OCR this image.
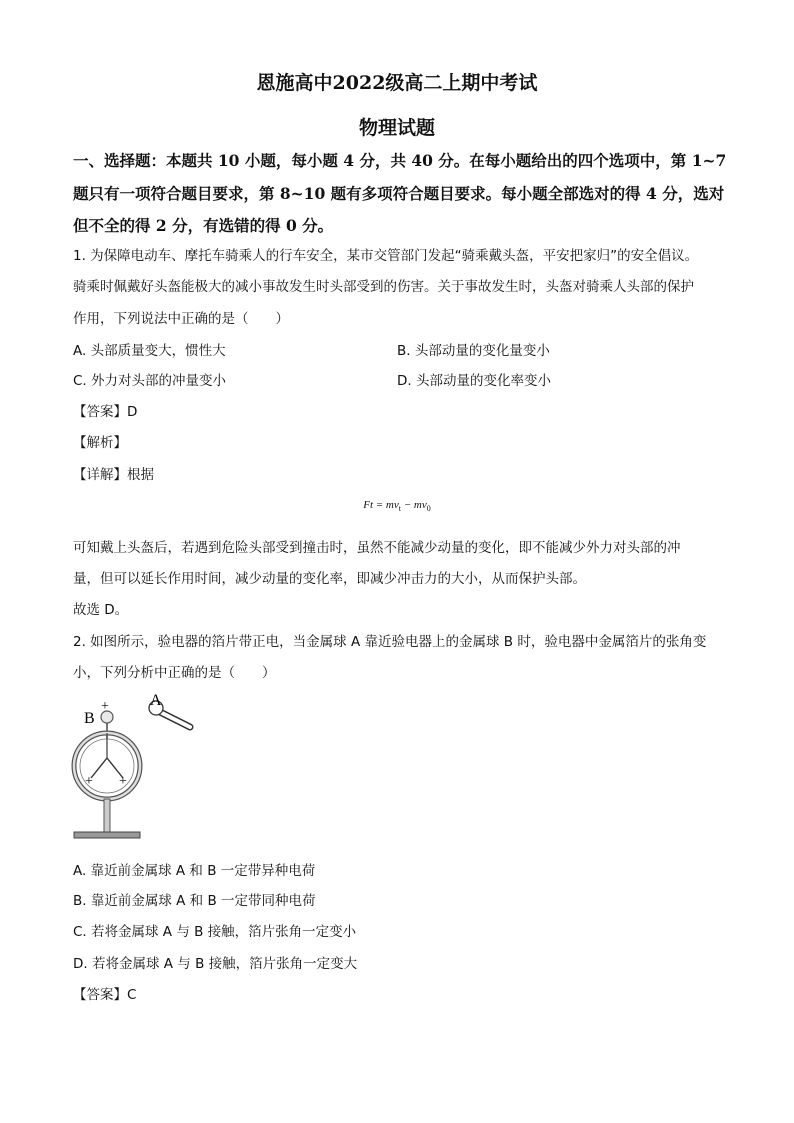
恩施高中2022级高二上期中考试
物理试题
一、选择题：本题共 10 小题，每小题 4 分，共 40 分。在每小题给出的四个选项中，第 1~7
题只有一项符合题目要求，第 8~10 题有多项符合题目要求。每小题全部选对的得 4 分，选对
但不全的得 2 分，有选错的得 0 分。
1. 为保障电动车、摩托车骑乘人的行车安全，某市交管部门发起“骑乘戴头盔，平安把家归”的安全倡议。
骑乘时佩戴好头盔能极大的减小事故发生时头部受到的伤害。关于事故发生时，头盔对骑乘人头部的保护
作用，下列说法中正确的是（　　）
A. 头部质量变大，惯性大	B. 头部动量的变化量变小
C. 外力对头部的冲量变小	D. 头部动量的变化率变小
【答案】D
【解析】
【详解】根据
$Ft = mv_t - mv_0$
可知戴上头盔后，若遇到危险头部受到撞击时，虽然不能减少动量的变化，即不能减少外力对头部的冲
量，但可以延长作用时间，减少动量的变化率，即减少冲击力的大小，从而保护头部。
故选 D。
2. 如图所示，验电器的箔片带正电，当金属球 A 靠近验电器上的金属球 B 时，验电器中金属箔片的张角变
小，下列分析中正确的是（　　）
A
B
+
+ +
A. 靠近前金属球 A 和 B 一定带异种电荷
B. 靠近前金属球 A 和 B 一定带同种电荷
C. 若将金属球 A 与 B 接触，箔片张角一定变小
D. 若将金属球 A 与 B 接触，箔片张角一定变大
【答案】C
